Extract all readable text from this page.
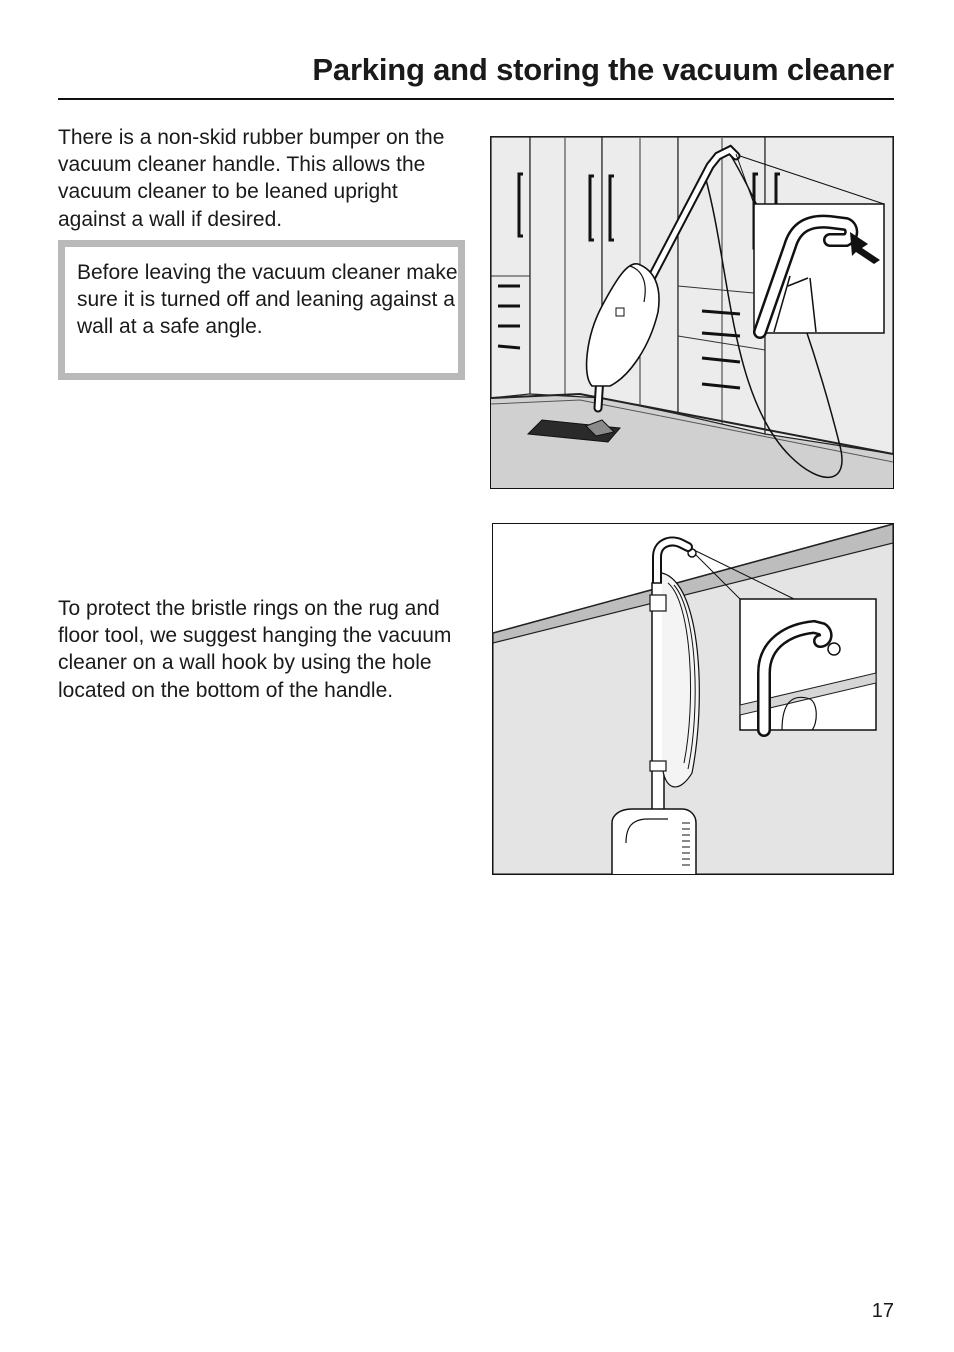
Parking and storing the vacuum cleaner

There is a non-skid rubber bumper on the vacuum cleaner handle. This allows the vacuum cleaner to be leaned upright against a wall if desired.

Before leaving the vacuum cleaner make sure it is turned off and leaning against a wall at a safe angle.

To protect the bristle rings on the rug and floor tool, we suggest hanging the vacuum cleaner on a wall hook by using the hole located on the bottom of the handle.

17
